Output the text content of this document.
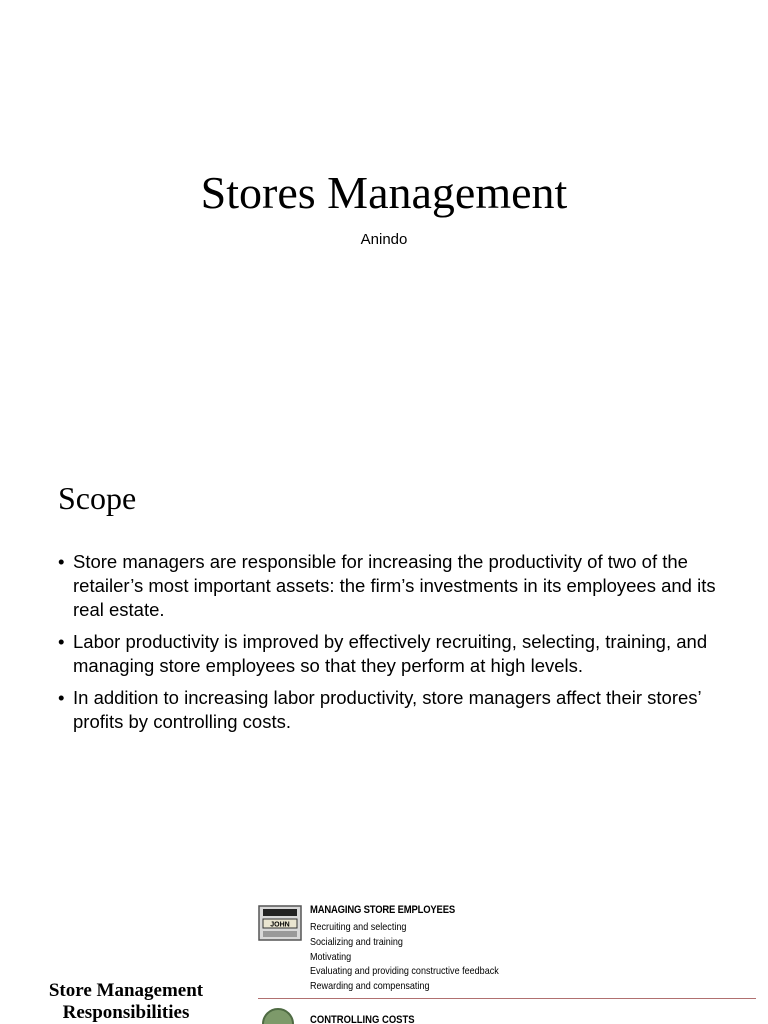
Stores Management
Anindo
Scope
• Store managers are responsible for increasing the productivity of two of the retailer’s most important assets: the firm’s investments in its employees and its real estate.
• Labor productivity is improved by effectively recruiting, selecting, training, and managing store employees so that they perform at high levels.
• In addition to increasing labor productivity, store managers affect their stores’ profits by controlling costs.
Store Management Responsibilities
JOHN
MANAGING STORE EMPLOYEES
Recruiting and selecting
Socializing and training
Motivating
Evaluating and providing constructive feedback
Rewarding and compensating
CONTROLLING COSTS
